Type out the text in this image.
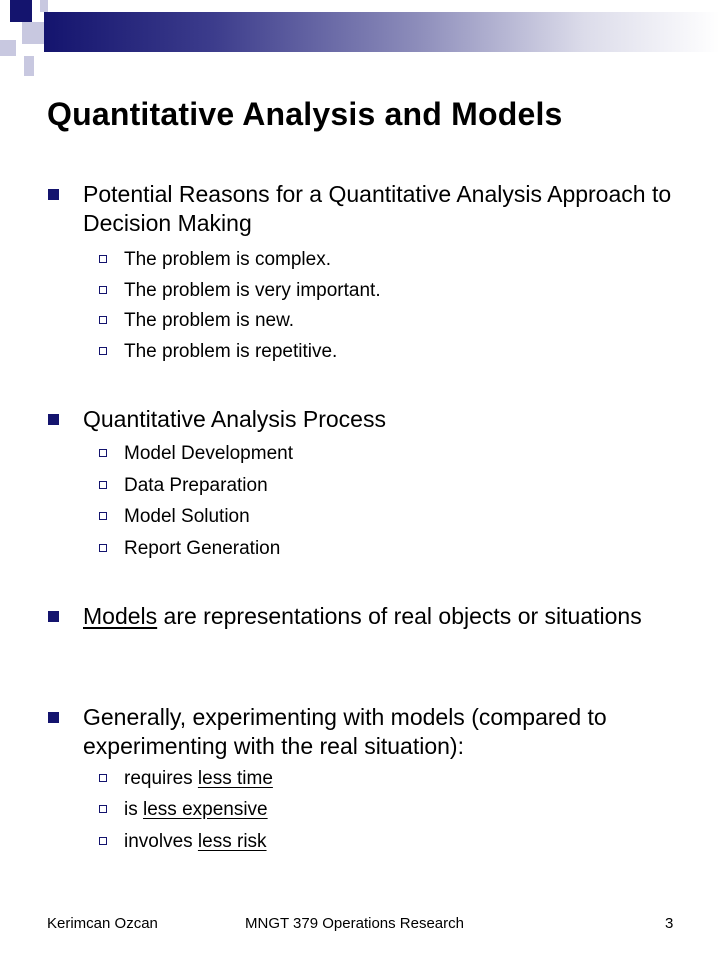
Quantitative Analysis and Models
Potential Reasons for a Quantitative Analysis Approach to Decision Making
The problem is complex.
The problem is very important.
The problem is new.
The problem is repetitive.
Quantitative Analysis Process
Model Development
Data Preparation
Model Solution
Report Generation
Models are representations of real objects or situations
Generally, experimenting with models (compared to experimenting with the real situation):
requires less time
is less expensive
involves less risk
Kerimcan Ozcan	MNGT 379 Operations Research	3
